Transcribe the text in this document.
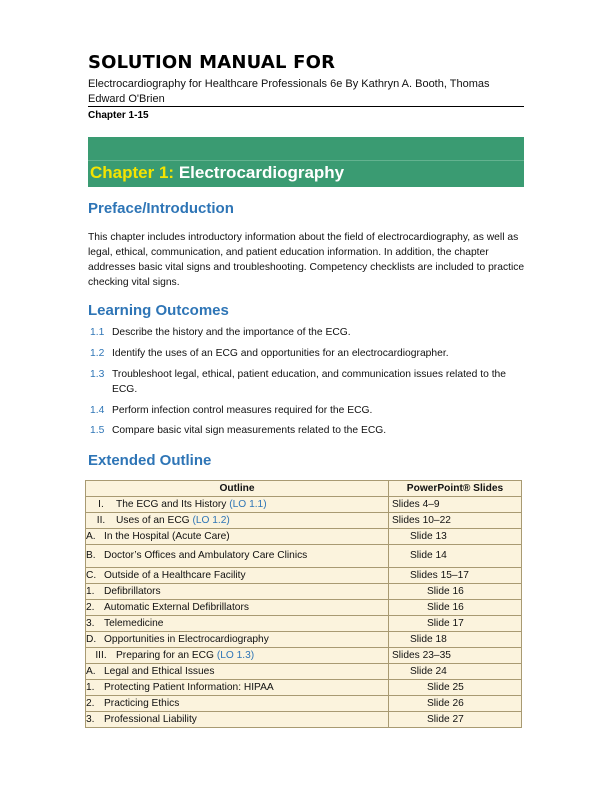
SOLUTION MANUAL FOR
Electrocardiography for Healthcare Professionals 6e By Kathryn A. Booth, Thomas Edward O'Brien
Chapter 1-15
Chapter 1: Electrocardiography
Preface/Introduction
This chapter includes introductory information about the field of electrocardiography, as well as legal, ethical, communication, and patient education information. In addition, the chapter addresses basic vital signs and troubleshooting. Competency checklists are included to practice checking vital signs.
Learning Outcomes
1.1 Describe the history and the importance of the ECG.
1.2 Identify the uses of an ECG and opportunities for an electrocardiographer.
1.3 Troubleshoot legal, ethical, patient education, and communication issues related to the ECG.
1.4 Perform infection control measures required for the ECG.
1.5 Compare basic vital sign measurements related to the ECG.
Extended Outline
Outline	PowerPoint® Slides
I. The ECG and Its History (LO 1.1)	Slides 4–9
II. Uses of an ECG (LO 1.2)	Slides 10–22
A. In the Hospital (Acute Care)	Slide 13
B. Doctor’s Offices and Ambulatory Care Clinics	Slide 14
C. Outside of a Healthcare Facility	Slides 15–17
1. Defibrillators	Slide 16
2. Automatic External Defibrillators	Slide 16
3. Telemedicine	Slide 17
D. Opportunities in Electrocardiography	Slide 18
III. Preparing for an ECG (LO 1.3)	Slides 23–35
A. Legal and Ethical Issues	Slide 24
1. Protecting Patient Information: HIPAA	Slide 25
2. Practicing Ethics	Slide 26
3. Professional Liability	Slide 27
